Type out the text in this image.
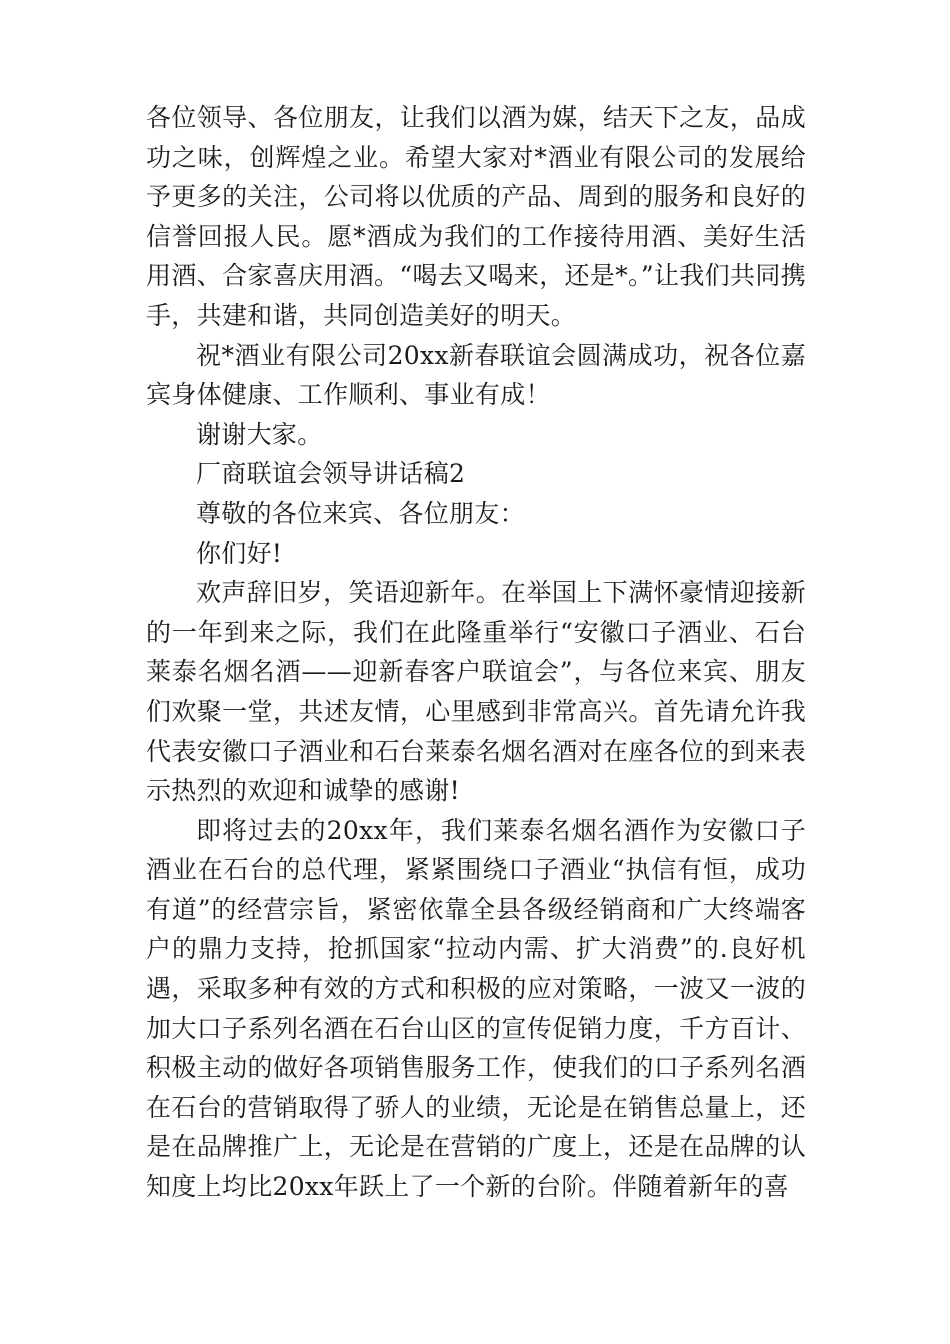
各位领导、各位朋友，让我们以酒为媒，结天下之友，品成功之味，创辉煌之业。希望大家对*酒业有限公司的发展给予更多的关注，公司将以优质的产品、周到的服务和良好的信誉回报人民。愿*酒成为我们的工作接待用酒、美好生活用酒、合家喜庆用酒。“喝去又喝来，还是*。”让我们共同携手，共建和谐，共同创造美好的明天。

祝*酒业有限公司20xx新春联谊会圆满成功，祝各位嘉宾身体健康、工作顺利、事业有成！

谢谢大家。

厂商联谊会领导讲话稿2

尊敬的各位来宾、各位朋友：

你们好!

欢声辞旧岁，笑语迎新年。在举国上下满怀豪情迎接新的一年到来之际，我们在此隆重举行“安徽口子酒业、石台莱泰名烟名酒——迎新春客户联谊会”，与各位来宾、朋友们欢聚一堂，共述友情，心里感到非常高兴。首先请允许我代表安徽口子酒业和石台莱泰名烟名酒对在座各位的到来表示热烈的欢迎和诚挚的感谢!

即将过去的20xx年，我们莱泰名烟名酒作为安徽口子酒业在石台的总代理，紧紧围绕口子酒业“执信有恒，成功有道”的经营宗旨，紧密依靠全县各级经销商和广大终端客户的鼎力支持，抢抓国家“拉动内需、扩大消费”的.良好机遇，采取多种有效的方式和积极的应对策略，一波又一波的加大口子系列名酒在石台山区的宣传促销力度，千方百计、积极主动的做好各项销售服务工作，使我们的口子系列名酒在石台的营销取得了骄人的业绩，无论是在销售总量上，还是在品牌推广上，无论是在营销的广度上，还是在品牌的认知度上均比20xx年跃上了一个新的台阶。伴随着新年的喜
